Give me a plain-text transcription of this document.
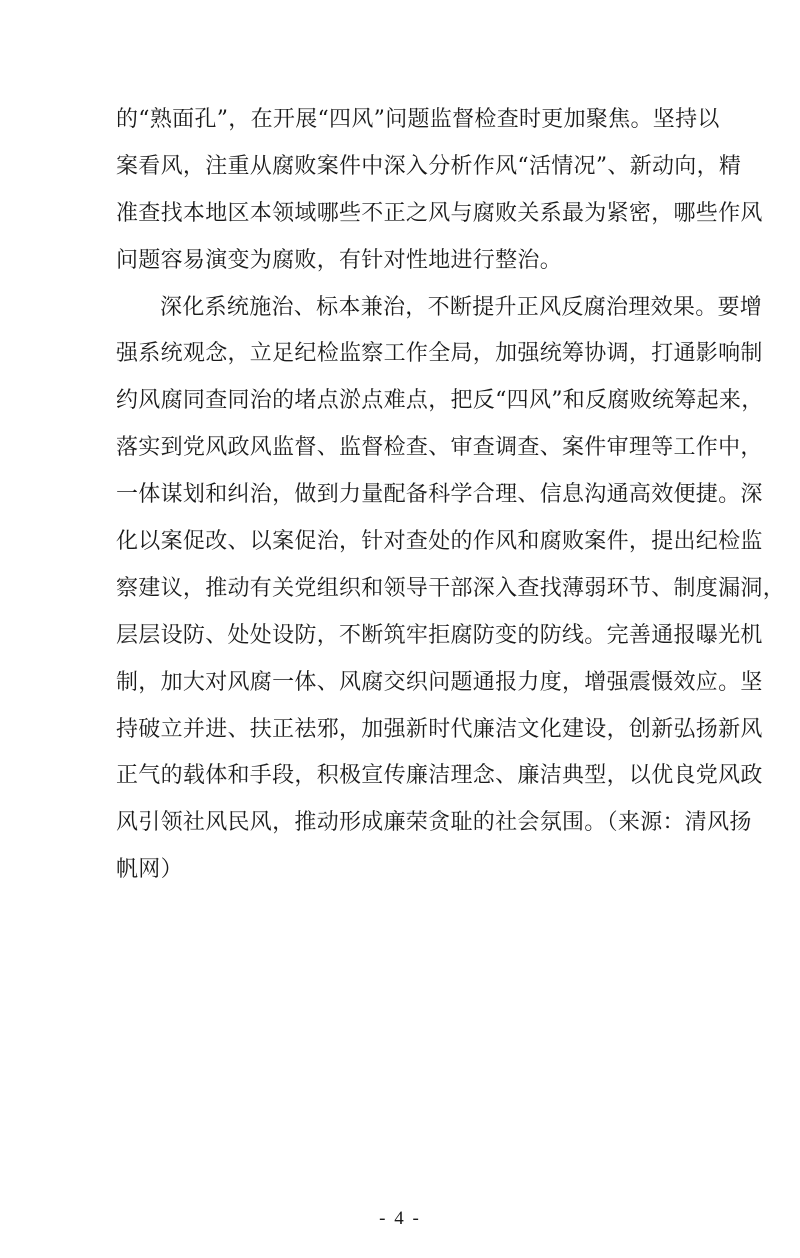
的“熟面孔”，在开展“四风”问题监督检查时更加聚焦。坚持以
案看风，注重从腐败案件中深入分析作风“活情况”、新动向，精
准查找本地区本领域哪些不正之风与腐败关系最为紧密，哪些作风
问题容易演变为腐败，有针对性地进行整治。
深化系统施治、标本兼治，不断提升正风反腐治理效果。要增
强系统观念，立足纪检监察工作全局，加强统筹协调，打通影响制
约风腐同查同治的堵点淤点难点，把反“四风”和反腐败统筹起来，
落实到党风政风监督、监督检查、审查调查、案件审理等工作中，
一体谋划和纠治，做到力量配备科学合理、信息沟通高效便捷。深
化以案促改、以案促治，针对查处的作风和腐败案件，提出纪检监
察建议，推动有关党组织和领导干部深入查找薄弱环节、制度漏洞，
层层设防、处处设防，不断筑牢拒腐防变的防线。完善通报曝光机
制，加大对风腐一体、风腐交织问题通报力度，增强震慑效应。坚
持破立并进、扶正祛邪，加强新时代廉洁文化建设，创新弘扬新风
正气的载体和手段，积极宣传廉洁理念、廉洁典型，以优良党风政
风引领社风民风，推动形成廉荣贪耻的社会氛围。（来源：清风扬
帆网）
- 4 -
